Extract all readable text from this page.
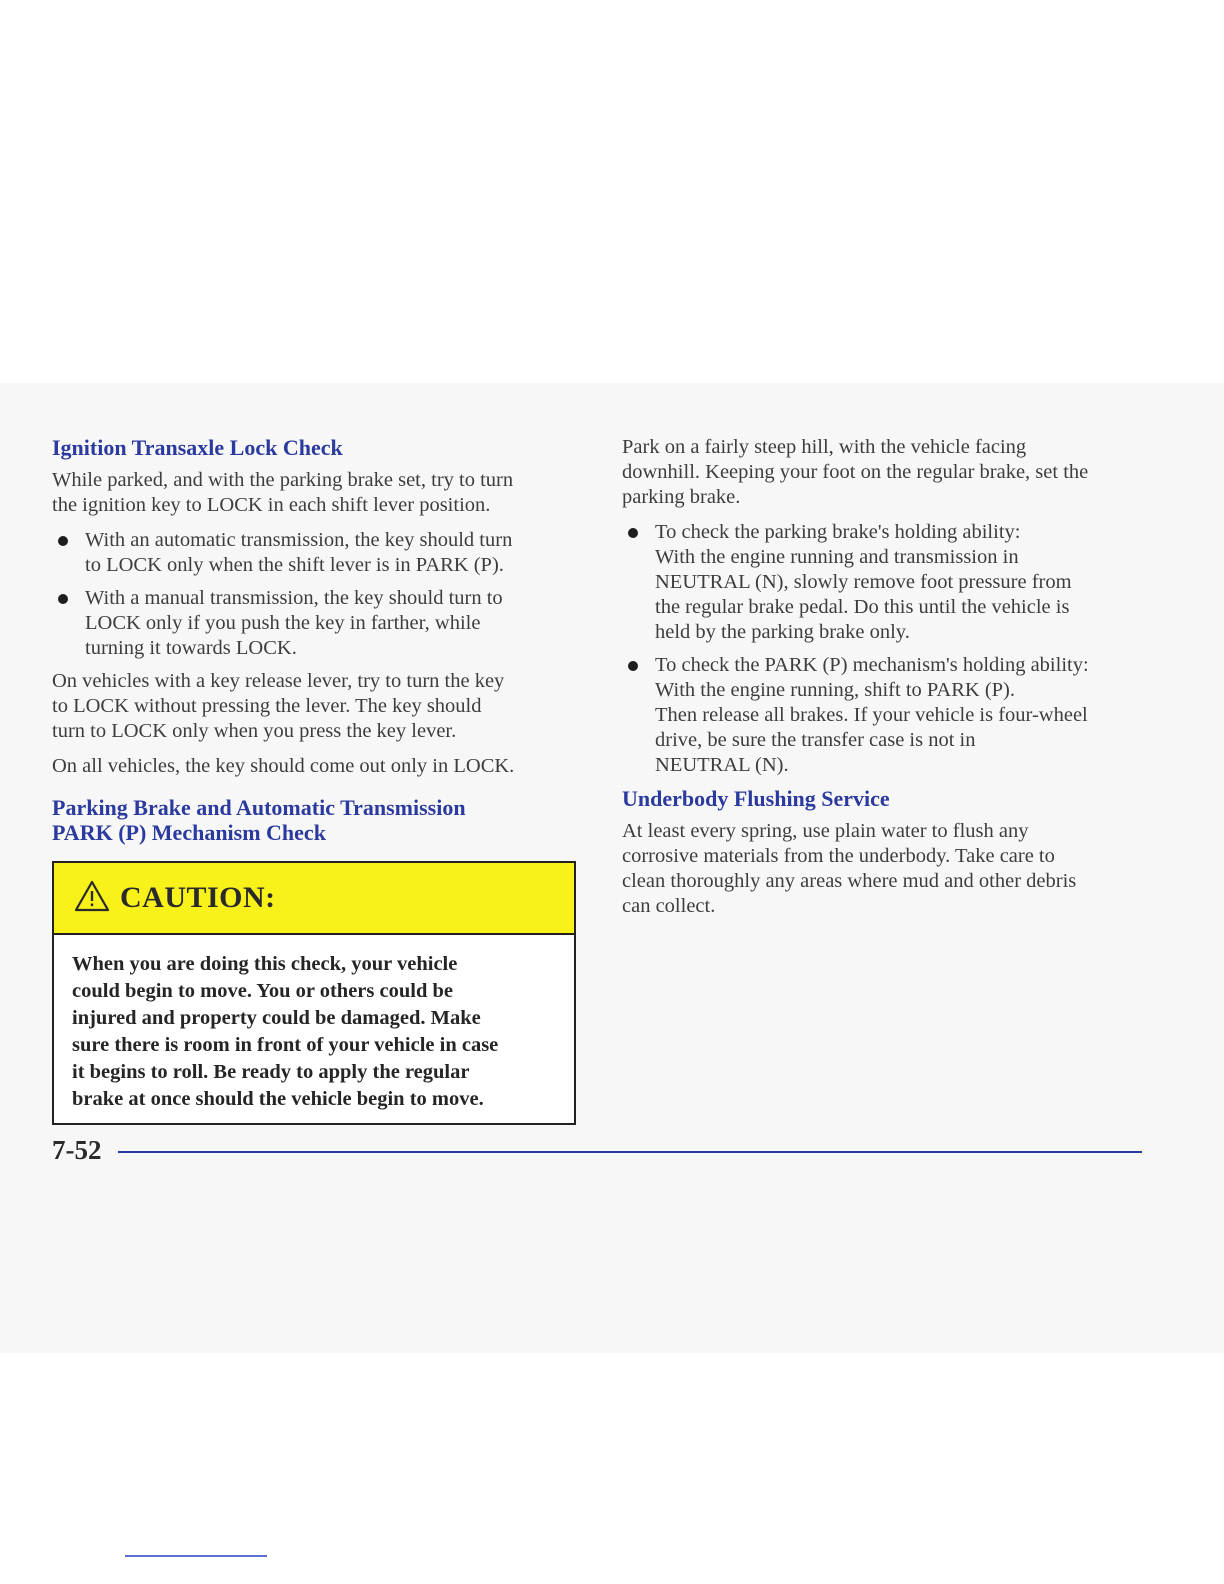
Ignition Transaxle Lock Check

While parked, and with the parking brake set, try to turn
the ignition key to LOCK in each shift lever position.

With an automatic transmission, the key should turn
to LOCK only when the shift lever is in PARK (P).
With a manual transmission, the key should turn to
LOCK only if you push the key in farther, while
turning it towards LOCK.

On vehicles with a key release lever, try to turn the key
to LOCK without pressing the lever. The key should
turn to LOCK only when you press the key lever.

On all vehicles, the key should come out only in LOCK.

Parking Brake and Automatic Transmission
PARK (P) Mechanism Check
CAUTION:
When you are doing this check, your vehicle
could begin to move. You or others could be
injured and property could be damaged. Make
sure there is room in front of your vehicle in case
it begins to roll. Be ready to apply the regular
brake at once should the vehicle begin to move.

Park on a fairly steep hill, with the vehicle facing
downhill. Keeping your foot on the regular brake, set the
parking brake.

To check the parking brake's holding ability:
With the engine running and transmission in
NEUTRAL (N), slowly remove foot pressure from
the regular brake pedal. Do this until the vehicle is
held by the parking brake only.
To check the PARK (P) mechanism's holding ability:
With the engine running, shift to PARK (P).
Then release all brakes. If your vehicle is four-wheel
drive, be sure the transfer case is not in
NEUTRAL (N).
Underbody Flushing Service

At least every spring, use plain water to flush any
corrosive materials from the underbody. Take care to
clean thoroughly any areas where mud and other debris
can collect.

7-52
